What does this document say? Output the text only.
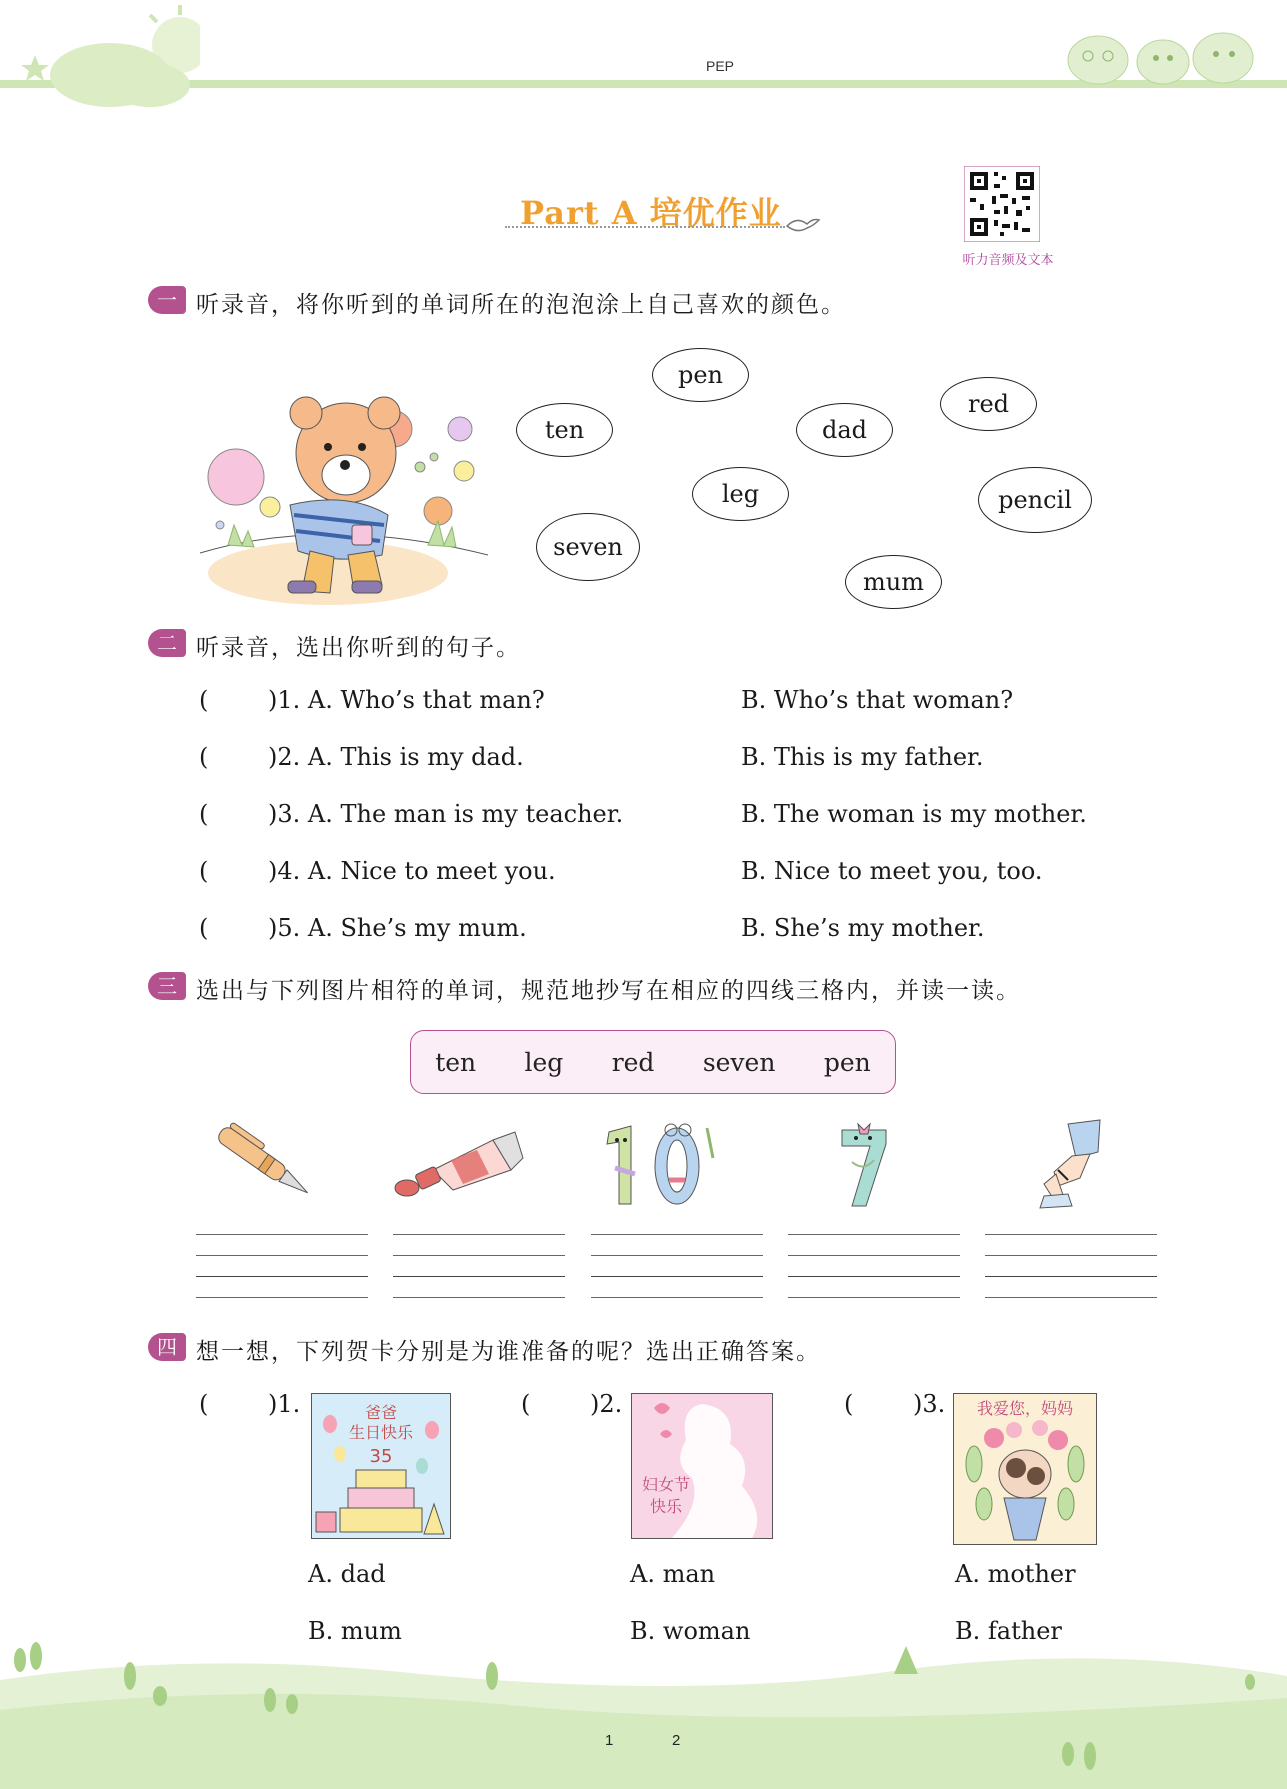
PEP
Part A 培优作业
听力音频及文本
一 听录音，将你听到的单词所在的泡泡涂上自己喜欢的颜色。
pen
ten	dad
red
leg	pencil
seven
mum
二 听录音，选出你听到的句子。
( )1. A. Who’s that man?	B. Who’s that woman?
( )2. A. This is my dad.	B. This is my father.
( )3. A. The man is my teacher.	B. The woman is my mother.
( )4. A. Nice to meet you.	B. Nice to meet you, too.
( )5. A. She’s my mum.	B. She’s my mother.
三 选出与下列图片相符的单词，规范地抄写在相应的四线三格内，并读一读。
ten leg red seven pen
四 想一想，下列贺卡分别是为谁准备的呢？选出正确答案。
( )1.	爸爸
生日快乐
35
A. dad
B. mum
( )2.
妇女节
快乐
A. man
B. woman
( )3. 我爱您，妈妈
A. mother
B. father
1	2
